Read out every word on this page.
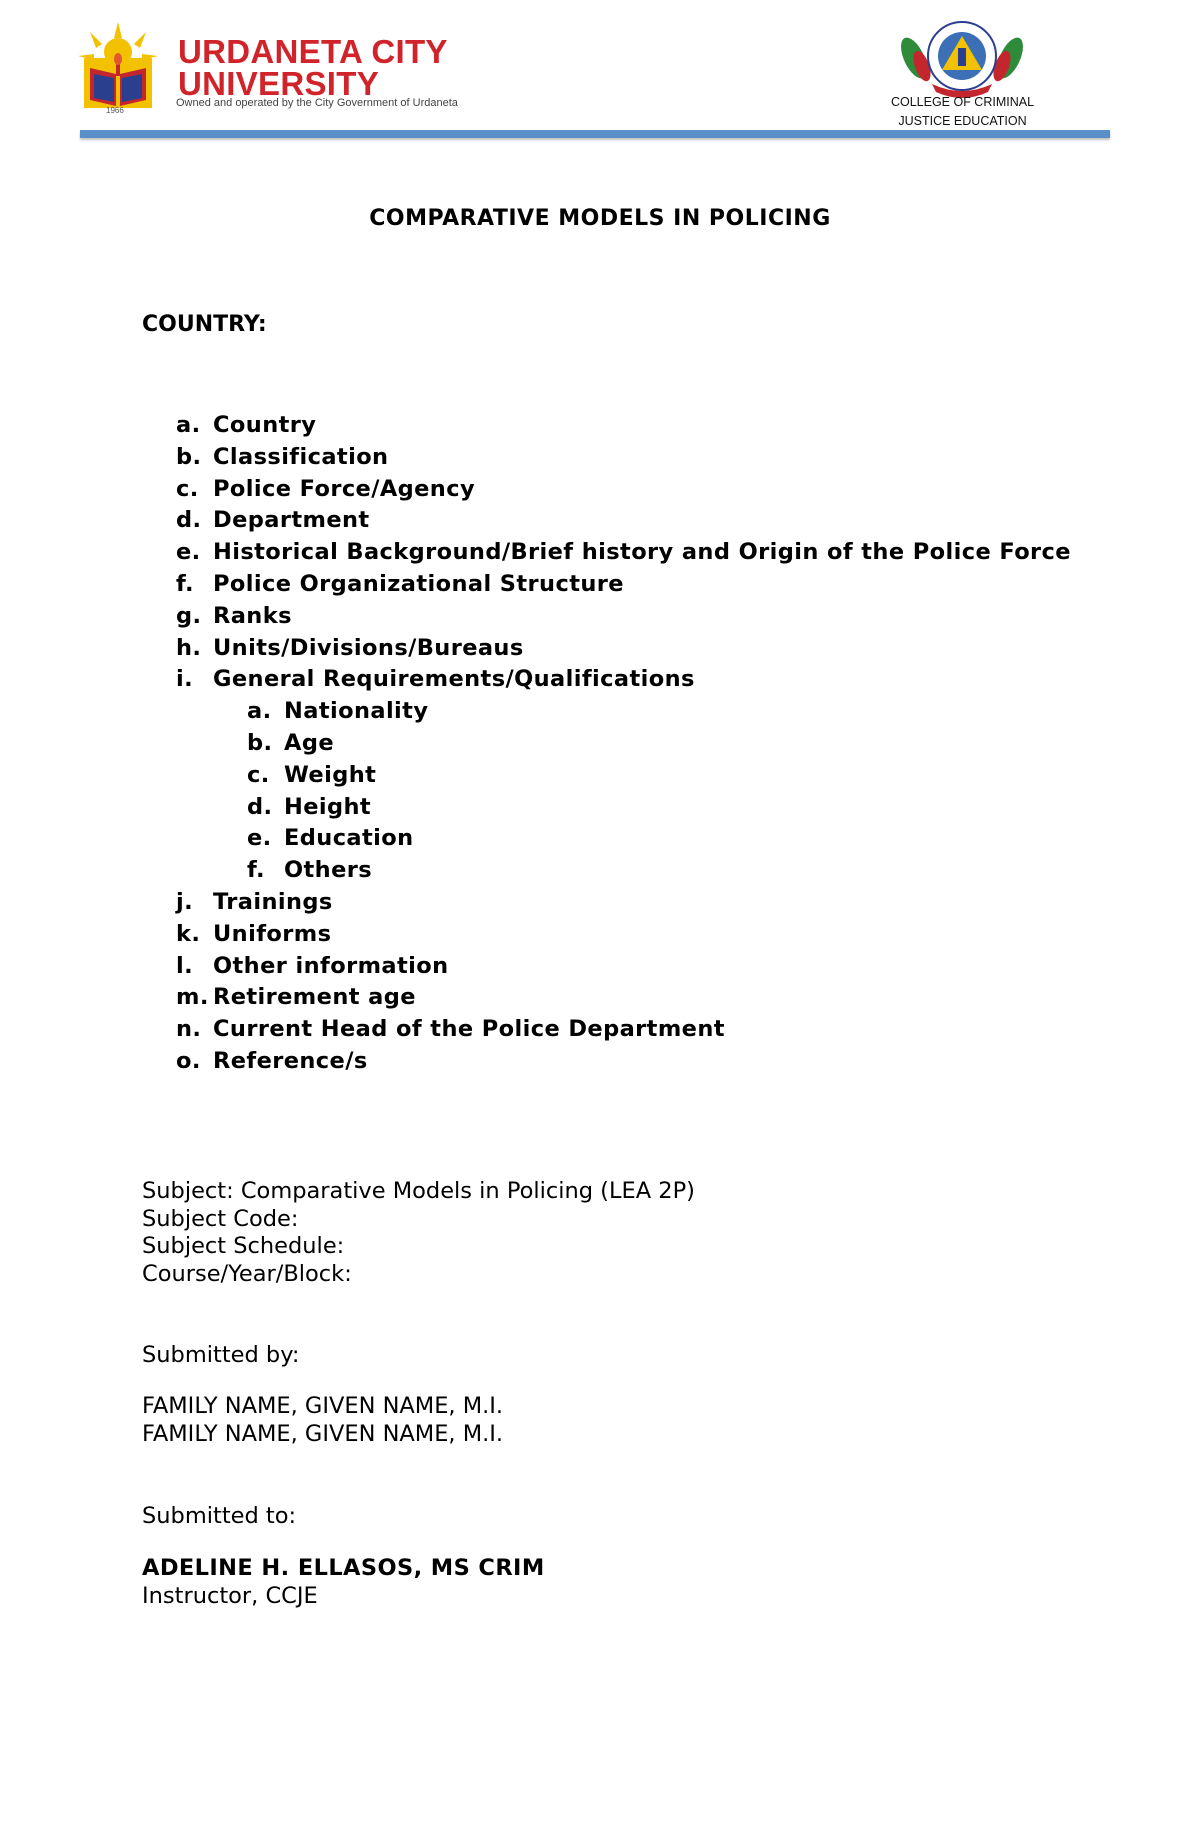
URDANETA CITY
UNIVERSITY
Owned and operated by the City Government of Urdaneta
1966
COLLEGE OF CRIMINAL
JUSTICE EDUCATION
COMPARATIVE MODELS IN POLICING
COUNTRY:
a. Country
b. Classification
c. Police Force/Agency
d. Department
e. Historical Background/Brief history and Origin of the Police Force
f. Police Organizational Structure
g. Ranks
h. Units/Divisions/Bureaus
i. General Requirements/Qualifications
a. Nationality
b. Age
c. Weight
d. Height
e. Education
f. Others
j. Trainings
k. Uniforms
l. Other information
m. Retirement age
n. Current Head of the Police Department
o. Reference/s
Subject: Comparative Models in Policing (LEA 2P)
Subject Code:
Subject Schedule:
Course/Year/Block:
Submitted by:
FAMILY NAME, GIVEN NAME, M.I.
FAMILY NAME, GIVEN NAME, M.I.
Submitted to:
ADELINE H. ELLASOS, MS CRIM
Instructor, CCJE
